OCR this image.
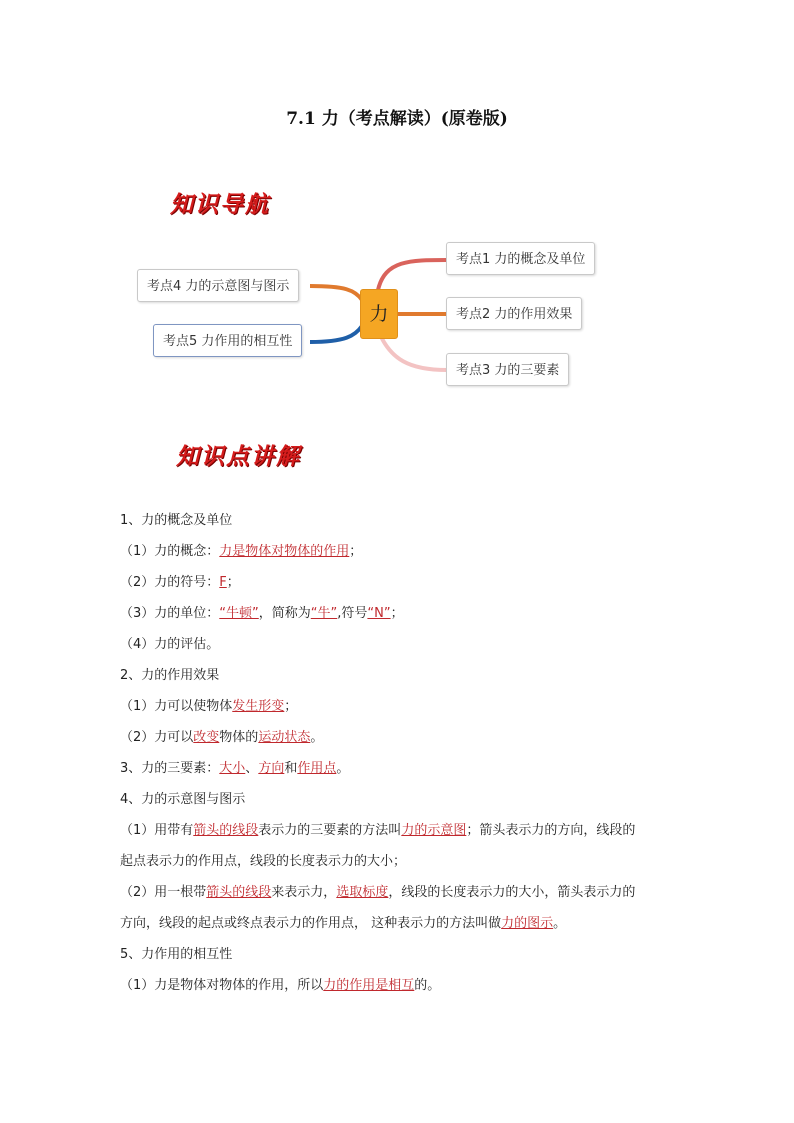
7.1 力（考点解读）(原卷版)
知识导航
力
考点1 力的概念及单位
考点2 力的作用效果
考点3 力的三要素
考点4 力的示意图与图示
考点5 力作用的相互性
知识点讲解
1、力的概念及单位
（1）力的概念：力是物体对物体的作用；
（2）力的符号：F；
（3）力的单位：“牛顿”，简称为“牛”,符号“N”；
（4）力的评估。
2、力的作用效果
（1）力可以使物体发生形变；
（2）力可以改变物体的运动状态。
3、力的三要素：大小、方向和作用点。
4、力的示意图与图示
（1）用带有箭头的线段表示力的三要素的方法叫力的示意图；箭头表示力的方向，线段的
起点表示力的作用点，线段的长度表示力的大小；
（2）用一根带箭头的线段来表示力，选取标度，线段的长度表示力的大小，箭头表示力的
方向，线段的起点或终点表示力的作用点， 这种表示力的方法叫做力的图示。
5、力作用的相互性
（1）力是物体对物体的作用，所以力的作用是相互的。
